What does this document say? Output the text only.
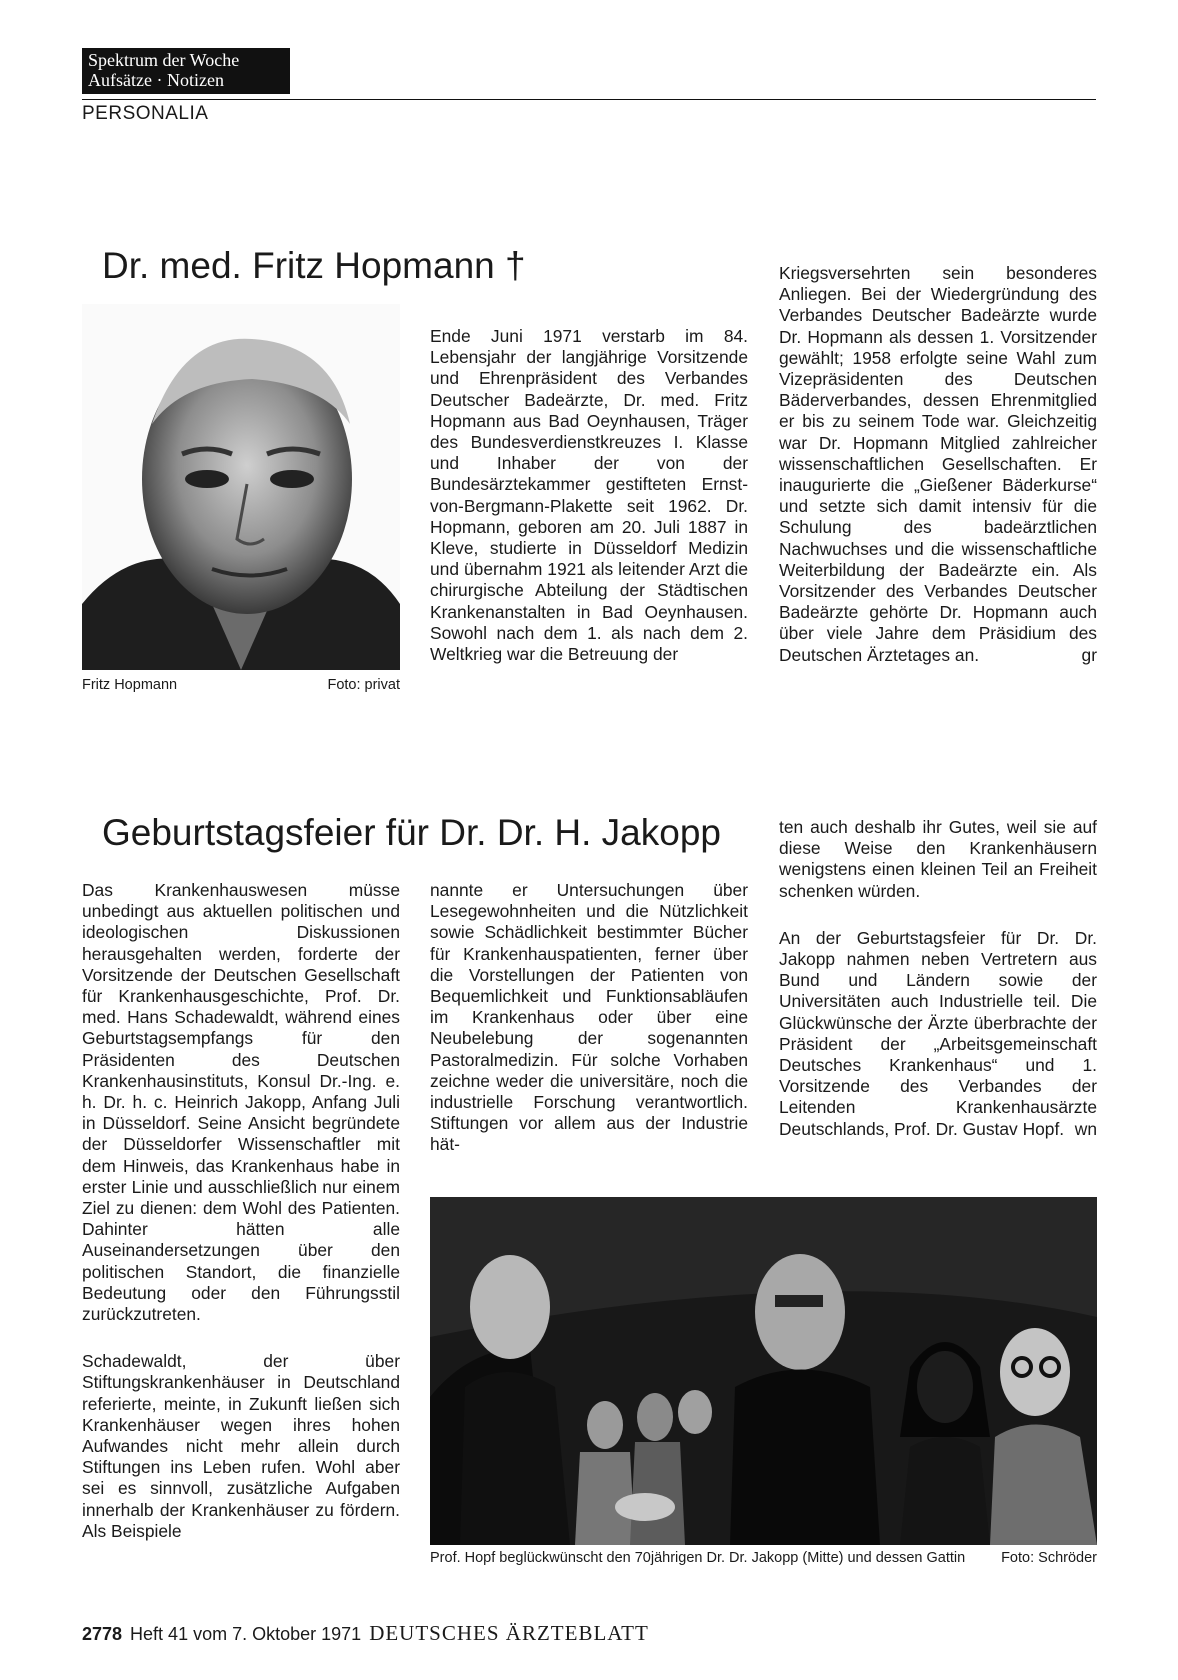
Spektrum der Woche
Aufsätze · Notizen
PERSONALIA
Dr. med. Fritz Hopmann †
Fritz Hopmann	Foto: privat

Ende Juni 1971 verstarb im 84. Lebensjahr der langjährige Vorsitzende und Ehrenpräsident des Verbandes Deutscher Badeärzte, Dr. med. Fritz Hopmann aus Bad Oeynhausen, Träger des Bundesverdienstkreuzes I. Klasse und Inhaber der von der Bundesärztekammer gestifteten Ernst-von-Bergmann-Plakette seit 1962. Dr. Hopmann, geboren am 20. Juli 1887 in Kleve, studierte in Düsseldorf Medizin und übernahm 1921 als leitender Arzt die chirurgische Abteilung der Städtischen Krankenanstalten in Bad Oeynhausen. Sowohl nach dem 1. als nach dem 2. Weltkrieg war die Betreuung der

Kriegsversehrten sein besonderes Anliegen. Bei der Wiedergründung des Verbandes Deutscher Badeärzte wurde Dr. Hopmann als dessen 1. Vorsitzender gewählt; 1958 erfolgte seine Wahl zum Vizepräsidenten des Deutschen Bäderverbandes, dessen Ehrenmitglied er bis zu seinem Tode war. Gleichzeitig war Dr. Hopmann Mitglied zahlreicher wissenschaftlichen Gesellschaften. Er inaugurierte die „Gießener Bäderkurse“ und setzte sich damit intensiv für die Schulung des badeärztlichen Nachwuchses und die wissenschaftliche Weiterbildung der Badeärzte ein. Als Vorsitzender des Verbandes Deutscher Badeärzte gehörte Dr. Hopmann auch über viele Jahre dem Präsidium des Deutschen Ärztetages an.	gr

Geburtstagsfeier für Dr. Dr. H. Jakopp

Das Krankenhauswesen müsse unbedingt aus aktuellen politischen und ideologischen Diskussionen herausgehalten werden, forderte der Vorsitzende der Deutschen Gesellschaft für Krankenhausgeschichte, Prof. Dr. med. Hans Schadewaldt, während eines Geburtstagsempfangs für den Präsidenten des Deutschen Krankenhausinstituts, Konsul Dr.-Ing. e. h. Dr. h. c. Heinrich Jakopp, Anfang Juli in Düsseldorf. Seine Ansicht begründete der Düsseldorfer Wissenschaftler mit dem Hinweis, das Krankenhaus habe in erster Linie und ausschließlich nur einem Ziel zu dienen: dem Wohl des Patienten. Dahinter hätten alle Auseinandersetzungen über den politischen Standort, die finanzielle Bedeutung oder den Führungsstil zurückzutreten.

Schadewaldt, der über Stiftungskrankenhäuser in Deutschland referierte, meinte, in Zukunft ließen sich Krankenhäuser wegen ihres hohen Aufwandes nicht mehr allein durch Stiftungen ins Leben rufen. Wohl aber sei es sinnvoll, zusätzliche Aufgaben innerhalb der Krankenhäuser zu fördern. Als Beispiele

nannte er Untersuchungen über Lesegewohnheiten und die Nützlichkeit sowie Schädlichkeit bestimmter Bücher für Krankenhauspatienten, ferner über die Vorstellungen der Patienten von Bequemlichkeit und Funktionsabläufen im Krankenhaus oder über eine Neubelebung der sogenannten Pastoralmedizin. Für solche Vorhaben zeichne weder die universitäre, noch die industrielle Forschung verantwortlich. Stiftungen vor allem aus der Industrie hät-

ten auch deshalb ihr Gutes, weil sie auf diese Weise den Krankenhäusern wenigstens einen kleinen Teil an Freiheit schenken würden.

An der Geburtstagsfeier für Dr. Dr. Jakopp nahmen neben Vertretern aus Bund und Ländern sowie der Universitäten auch Industrielle teil. Die Glückwünsche der Ärzte überbrachte der Präsident der „Arbeitsgemeinschaft Deutsches Krankenhaus“ und 1. Vorsitzende des Verbandes der Leitenden Krankenhausärzte Deutschlands, Prof. Dr. Gustav Hopf. wn

Prof. Hopf beglückwünscht den 70jährigen Dr. Dr. Jakopp (Mitte) und dessen Gattin Foto: Schröder
2778 Heft 41 vom 7. Oktober 1971 DEUTSCHES ÄRZTEBLATT
